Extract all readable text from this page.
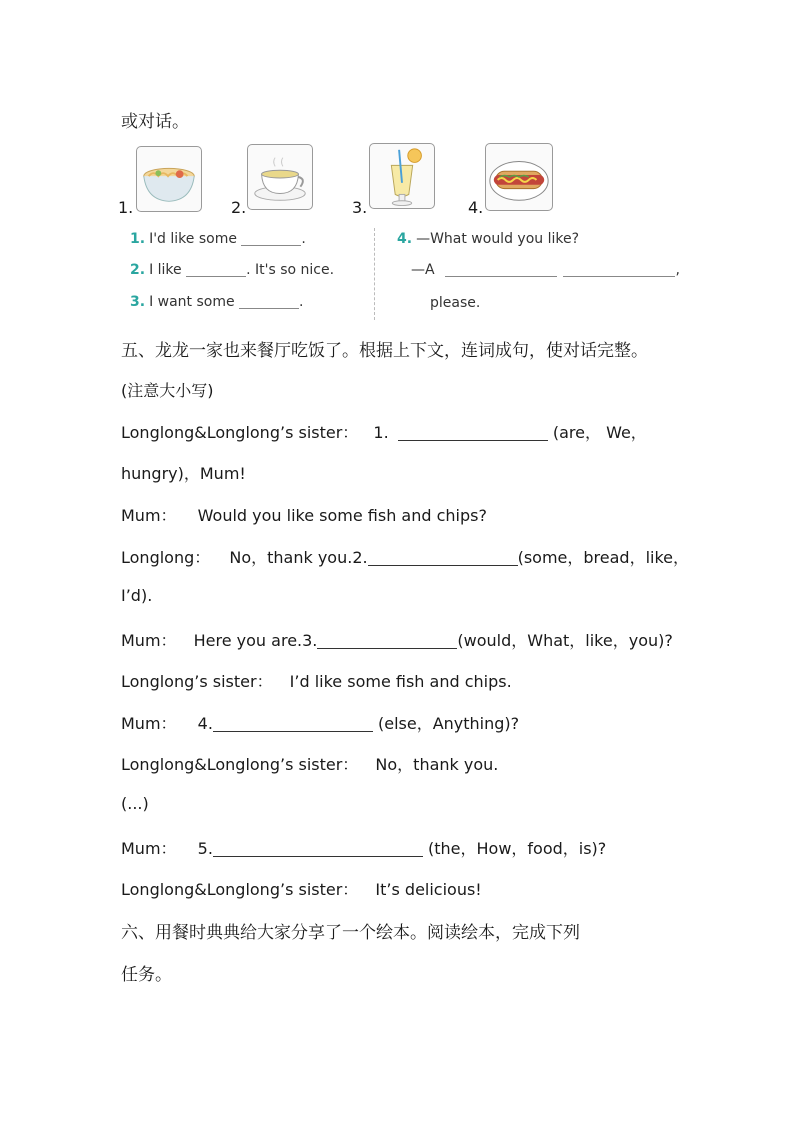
或对话。
1.	2.	3.	4.
1. I'd like some	.
2. I like	. It's so nice.
3. I want some	.
4. —What would you like?
—A	,
please.
五、龙龙一家也来餐厅吃饭了。根据上下文，连词成句，使对话完整。
(注意大小写)
Longlong&Longlong’s sister： 1.	(are， We，
hungry)，Mum!
Mum： Would you like some fish and chips?
Longlong： No，thank you.2.	(some，bread，like，
I’d).
Mum： Here you are.3.	(would，What，like，you)?
Longlong’s sister： I’d like some fish and chips.
Mum： 4.	(else，Anything)?
Longlong&Longlong’s sister： No，thank you.
(...)
Mum： 5.	(the，How，food，is)?
Longlong&Longlong’s sister： It’s delicious!
六、用餐时典典给大家分享了一个绘本。阅读绘本，完成下列
任务。
